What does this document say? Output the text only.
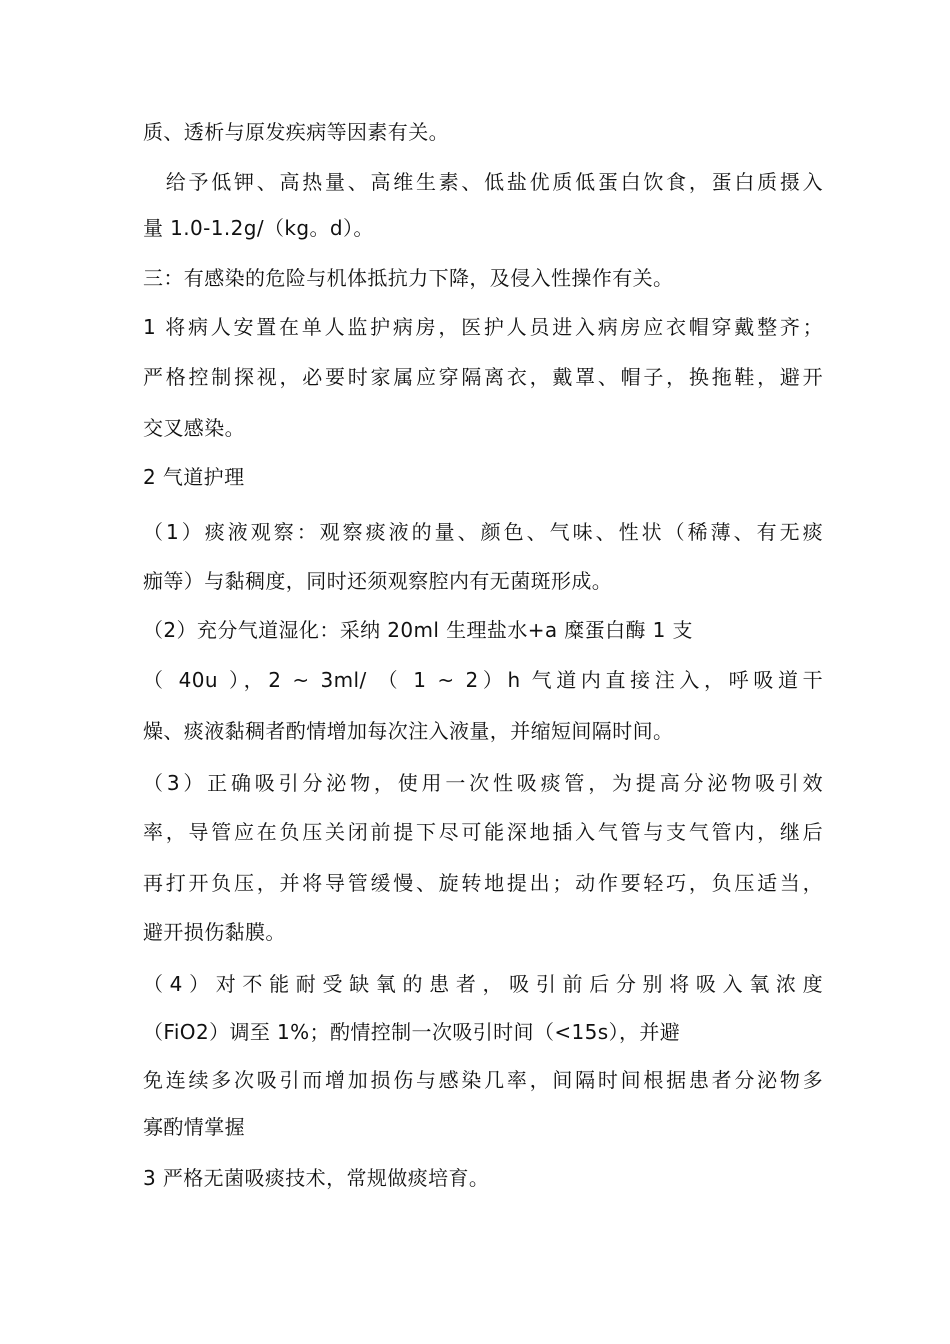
质、透析与原发疾病等因素有关。
　给予低钾、高热量、高维生素、低盐优质低蛋白饮食，蛋白质摄入
量 1.0-1.2g/（kg。d）。
三：有感染的危险与机体抵抗力下降，及侵入性操作有关。
1 将病人安置在单人监护病房，医护人员进入病房应衣帽穿戴整齐；
严格控制探视，必要时家属应穿隔离衣，戴罩、帽子，换拖鞋，避开
交叉感染。
2 气道护理
（1）痰液观察：观察痰液的量、颜色、气味、性状（稀薄、有无痰
痂等）与黏稠度，同时还须观察腔内有无菌斑形成。
（2）充分气道湿化：采纳 20ml 生理盐水+a 糜蛋白酶 1 支
（ 40u ），2 ~ 3ml/ （ 1 ~ 2）h 气道内直接注入，呼吸道干
燥、痰液黏稠者酌情增加每次注入液量，并缩短间隔时间。
（3）正确吸引分泌物，使用一次性吸痰管，为提高分泌物吸引效
率，导管应在负压关闭前提下尽可能深地插入气管与支气管内，继后
再打开负压，并将导管缓慢、旋转地提出；动作要轻巧，负压适当，
避开损伤黏膜。
（4）对不能耐受缺氧的患者，吸引前后分别将吸入氧浓度
（FiO2）调至 1%；酌情控制一次吸引时间（<15s），并避
免连续多次吸引而增加损伤与感染几率，间隔时间根据患者分泌物多
寡酌情掌握
3 严格无菌吸痰技术，常规做痰培育。
